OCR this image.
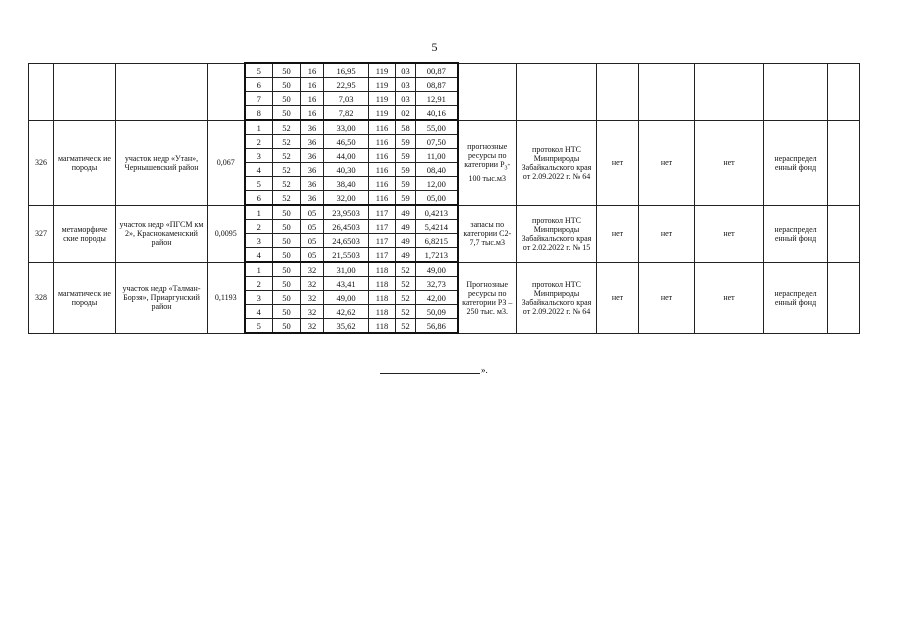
5
				5	50	16	16,95	119	03	00,87							
				6	50	16	22,95	119	03	08,87							
				7	50	16	7,03	119	03	12,91							
				8	50	16	7,82	119	02	40,16							
326	магматическ ие породы	участок недр «Утан», Чернышевский район	0,067	1	52	36	33,00	116	58	55,00	прогнозные ресурсы по категории $Р_3-100$ тыс.м3	протокол НТС Минприроды Забайкальского края от 2.09.2022 г. № 64	нет	нет	нет	нераспредел енный фонд	
				2	52	36	46,50	116	59	07,50							
				3	52	36	44,00	116	59	11,00							
				4	52	36	40,30	116	59	08,40							
				5	52	36	38,40	116	59	12,00							
				6	52	36	32,00	116	59	05,00							
327	метаморфиче ские породы	участок недр «ПГСМ км 2», Краснокаменский район	0,0095	1	50	05	23,9503	117	49	0,4213	запасы по категории С2-7,7 тыс.м3	протокол НТС Минприроды Забайкальского края от 2.02.2022 г. № 15	нет	нет	нет	нераспредел енный фонд	
				2	50	05	26,4503	117	49	5,4214							
				3	50	05	24,6503	117	49	6,8215							
				4	50	05	21,5503	117	49	1,7213							
328	магматическ ие породы	участок недр «Талман-Борзя», Приаргунский район	0,1193	1	50	32	31,00	118	52	49,00	Прогнозные ресурсы по категории РЗ – 250 тыс. м3.	протокол НТС Минприроды Забайкальского края от 2.09.2022 г. № 64	нет	нет	нет	нераспредел енный фонд	
				2	50	32	43,41	118	52	32,73							
				3	50	32	49,00	118	52	42,00							
				4	50	32	42,62	118	52	50,09							
				5	50	32	35,62	118	52	56,86							
».
